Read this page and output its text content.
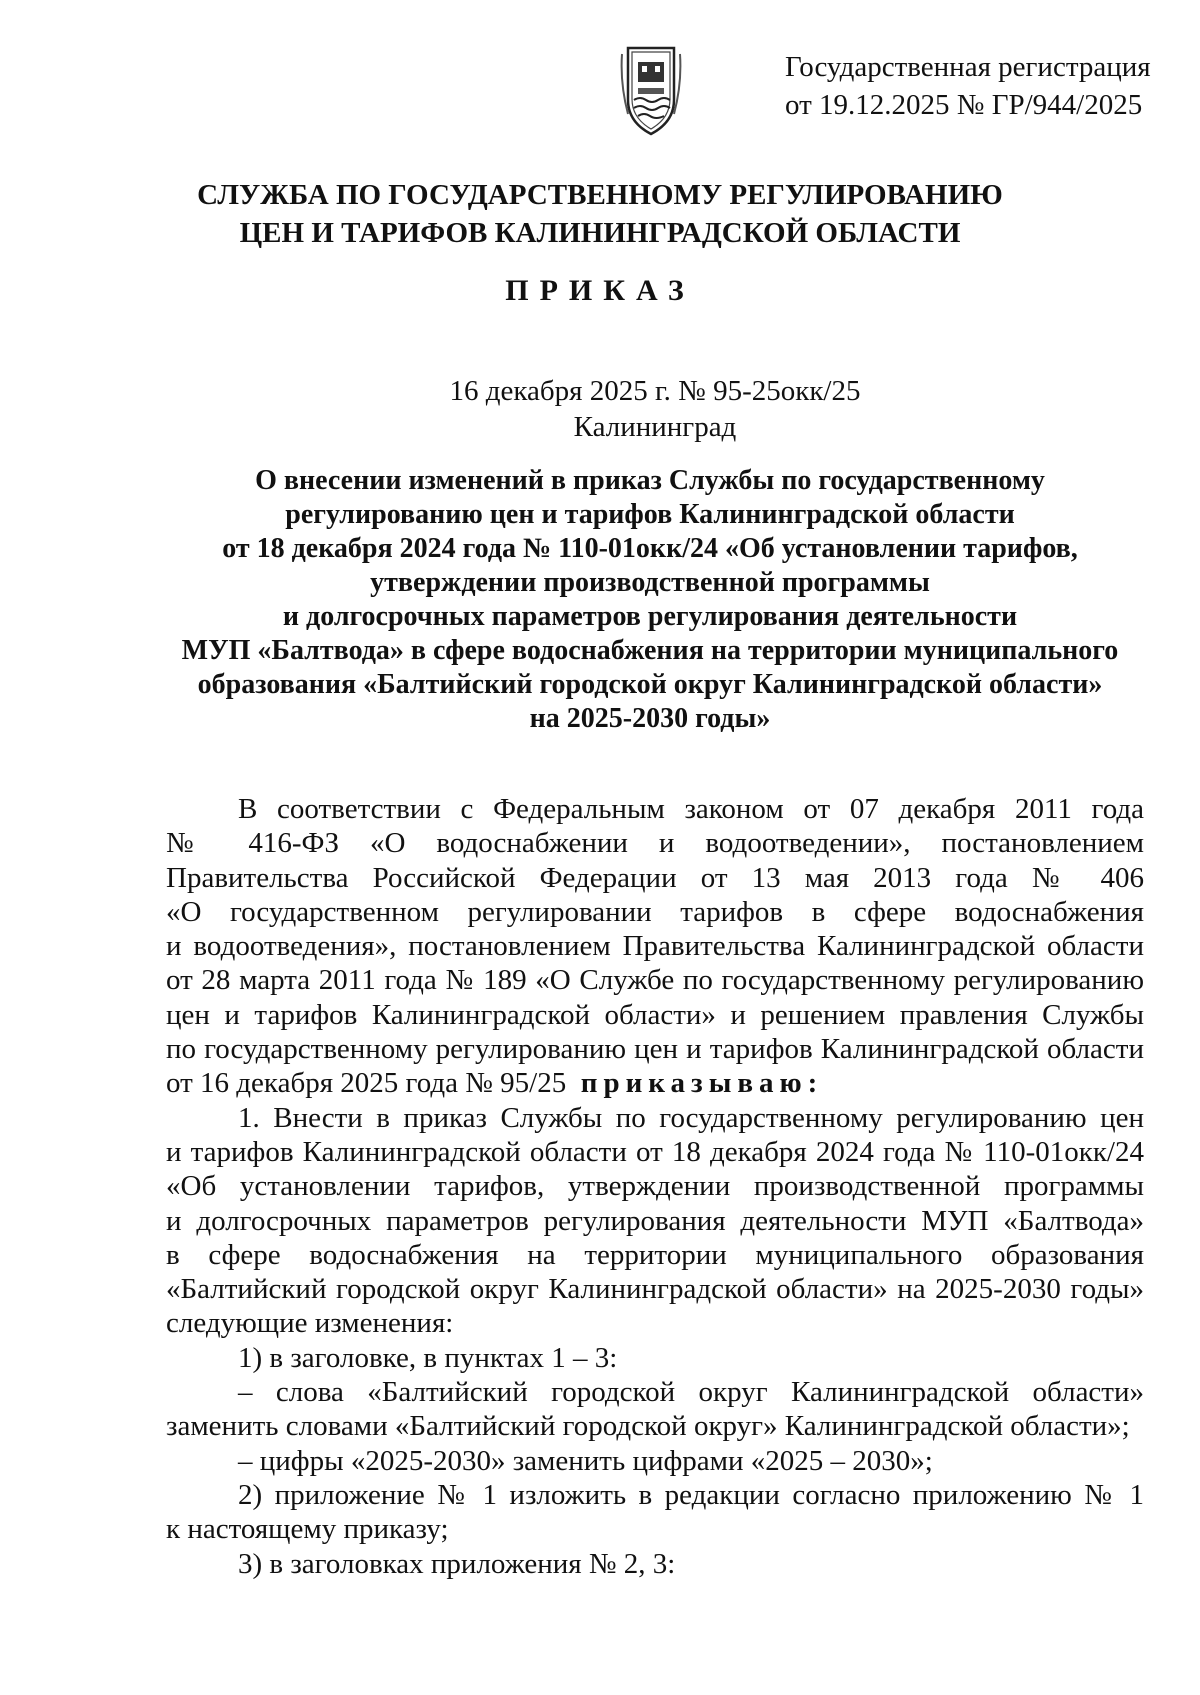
Государственная регистрация
от 19.12.2025 № ГР/944/2025
СЛУЖБА ПО ГОСУДАРСТВЕННОМУ РЕГУЛИРОВАНИЮ
ЦЕН И ТАРИФОВ КАЛИНИНГРАДСКОЙ ОБЛАСТИ
ПРИКАЗ
16 декабря 2025 г. № 95-25окк/25
Калининград
О внесении изменений в приказ Службы по государственному
регулированию цен и тарифов Калининградской области
от 18 декабря 2024 года № 110-01окк/24 «Об установлении тарифов,
утверждении производственной программы
и долгосрочных параметров регулирования деятельности
МУП «Балтвода» в сфере водоснабжения на территории муниципального
образования «Балтийский городской округ Калининградской области»
на 2025-2030 годы»

В соответствии с Федеральным законом от 07 декабря 2011 года

№ 416-ФЗ «О водоснабжении и водоотведении», постановлением

Правительства Российской Федерации от 13 мая 2013 года № 406

«О государственном регулировании тарифов в сфере водоснабжения

и водоотведения», постановлением Правительства Калининградской области

от 28 марта 2011 года № 189 «О Службе по государственному регулированию

цен и тарифов Калининградской области» и решением правления Службы

по государственному регулированию цен и тарифов Калининградской области

от 16 декабря 2025 года № 95/25 приказываю:

1. Внести в приказ Службы по государственному регулированию цен

и тарифов Калининградской области от 18 декабря 2024 года № 110-01окк/24

«Об установлении тарифов, утверждении производственной программы

и долгосрочных параметров регулирования деятельности МУП «Балтвода»

в сфере водоснабжения на территории муниципального образования

«Балтийский городской округ Калининградской области» на 2025-2030 годы»

следующие изменения:

1) в заголовке, в пунктах 1 – 3:

– слова «Балтийский городской округ Калининградской области»

заменить словами «Балтийский городской округ» Калининградской области»;

– цифры «2025-2030» заменить цифрами «2025 – 2030»;

2) приложение № 1 изложить в редакции согласно приложению № 1

к настоящему приказу;

3) в заголовках приложения № 2, 3:
